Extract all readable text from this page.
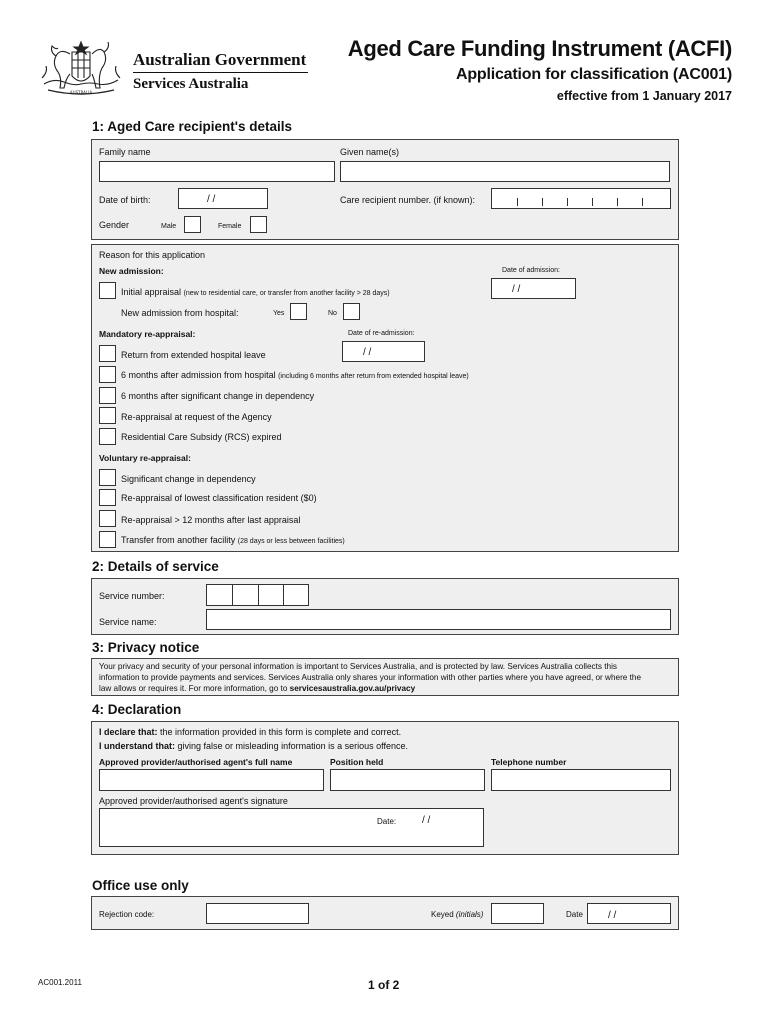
AUSTRALIA
Australian Government
Services Australia
Aged Care Funding Instrument (ACFI)
Application for classification (AC001)
effective from 1 January 2017
1: Aged Care recipient's details
Family name	Given name(s)
Date of birth:	/ /	Care recipient number. (if known):
Gender	Male	Female
Reason for this application
New admission:	Date of admission:
/ /
Initial appraisal (new to residential care, or transfer from another facility > 28 days)
New admission from hospital:	Yes	No
Mandatory re-appraisal:	Date of re-admission:
/ /
Return from extended hospital leave
6 months after admission from hospital (including 6 months after return from extended hospital leave)
6 months after significant change in dependency
Re-appraisal at request of the Agency
Residential Care Subsidy (RCS) expired
Voluntary re-appraisal:
Significant change in dependency
Re-appraisal of lowest classification resident ($0)
Re-appraisal > 12 months after last appraisal
Transfer from another facility (28 days or less between facilities)
2: Details of service
Service number:
Service name:
3: Privacy notice
Your privacy and security of your personal information is important to Services Australia, and is protected by law. Services Australia collects this
information to provide payments and services. Services Australia only shares your information with other parties where you have agreed, or where the
law allows or requires it. For more information, go to servicesaustralia.gov.au/privacy
4: Declaration
I declare that: the information provided in this form is complete and correct.
I understand that: giving false or misleading information is a serious offence.
Approved provider/authorised agent's full name	Position held	Telephone number
Approved provider/authorised agent's signature
Date:	/ /
Office use only
Rejection code:	Keyed (initials)	Date	/ /
AC001.2011	1 of 2
